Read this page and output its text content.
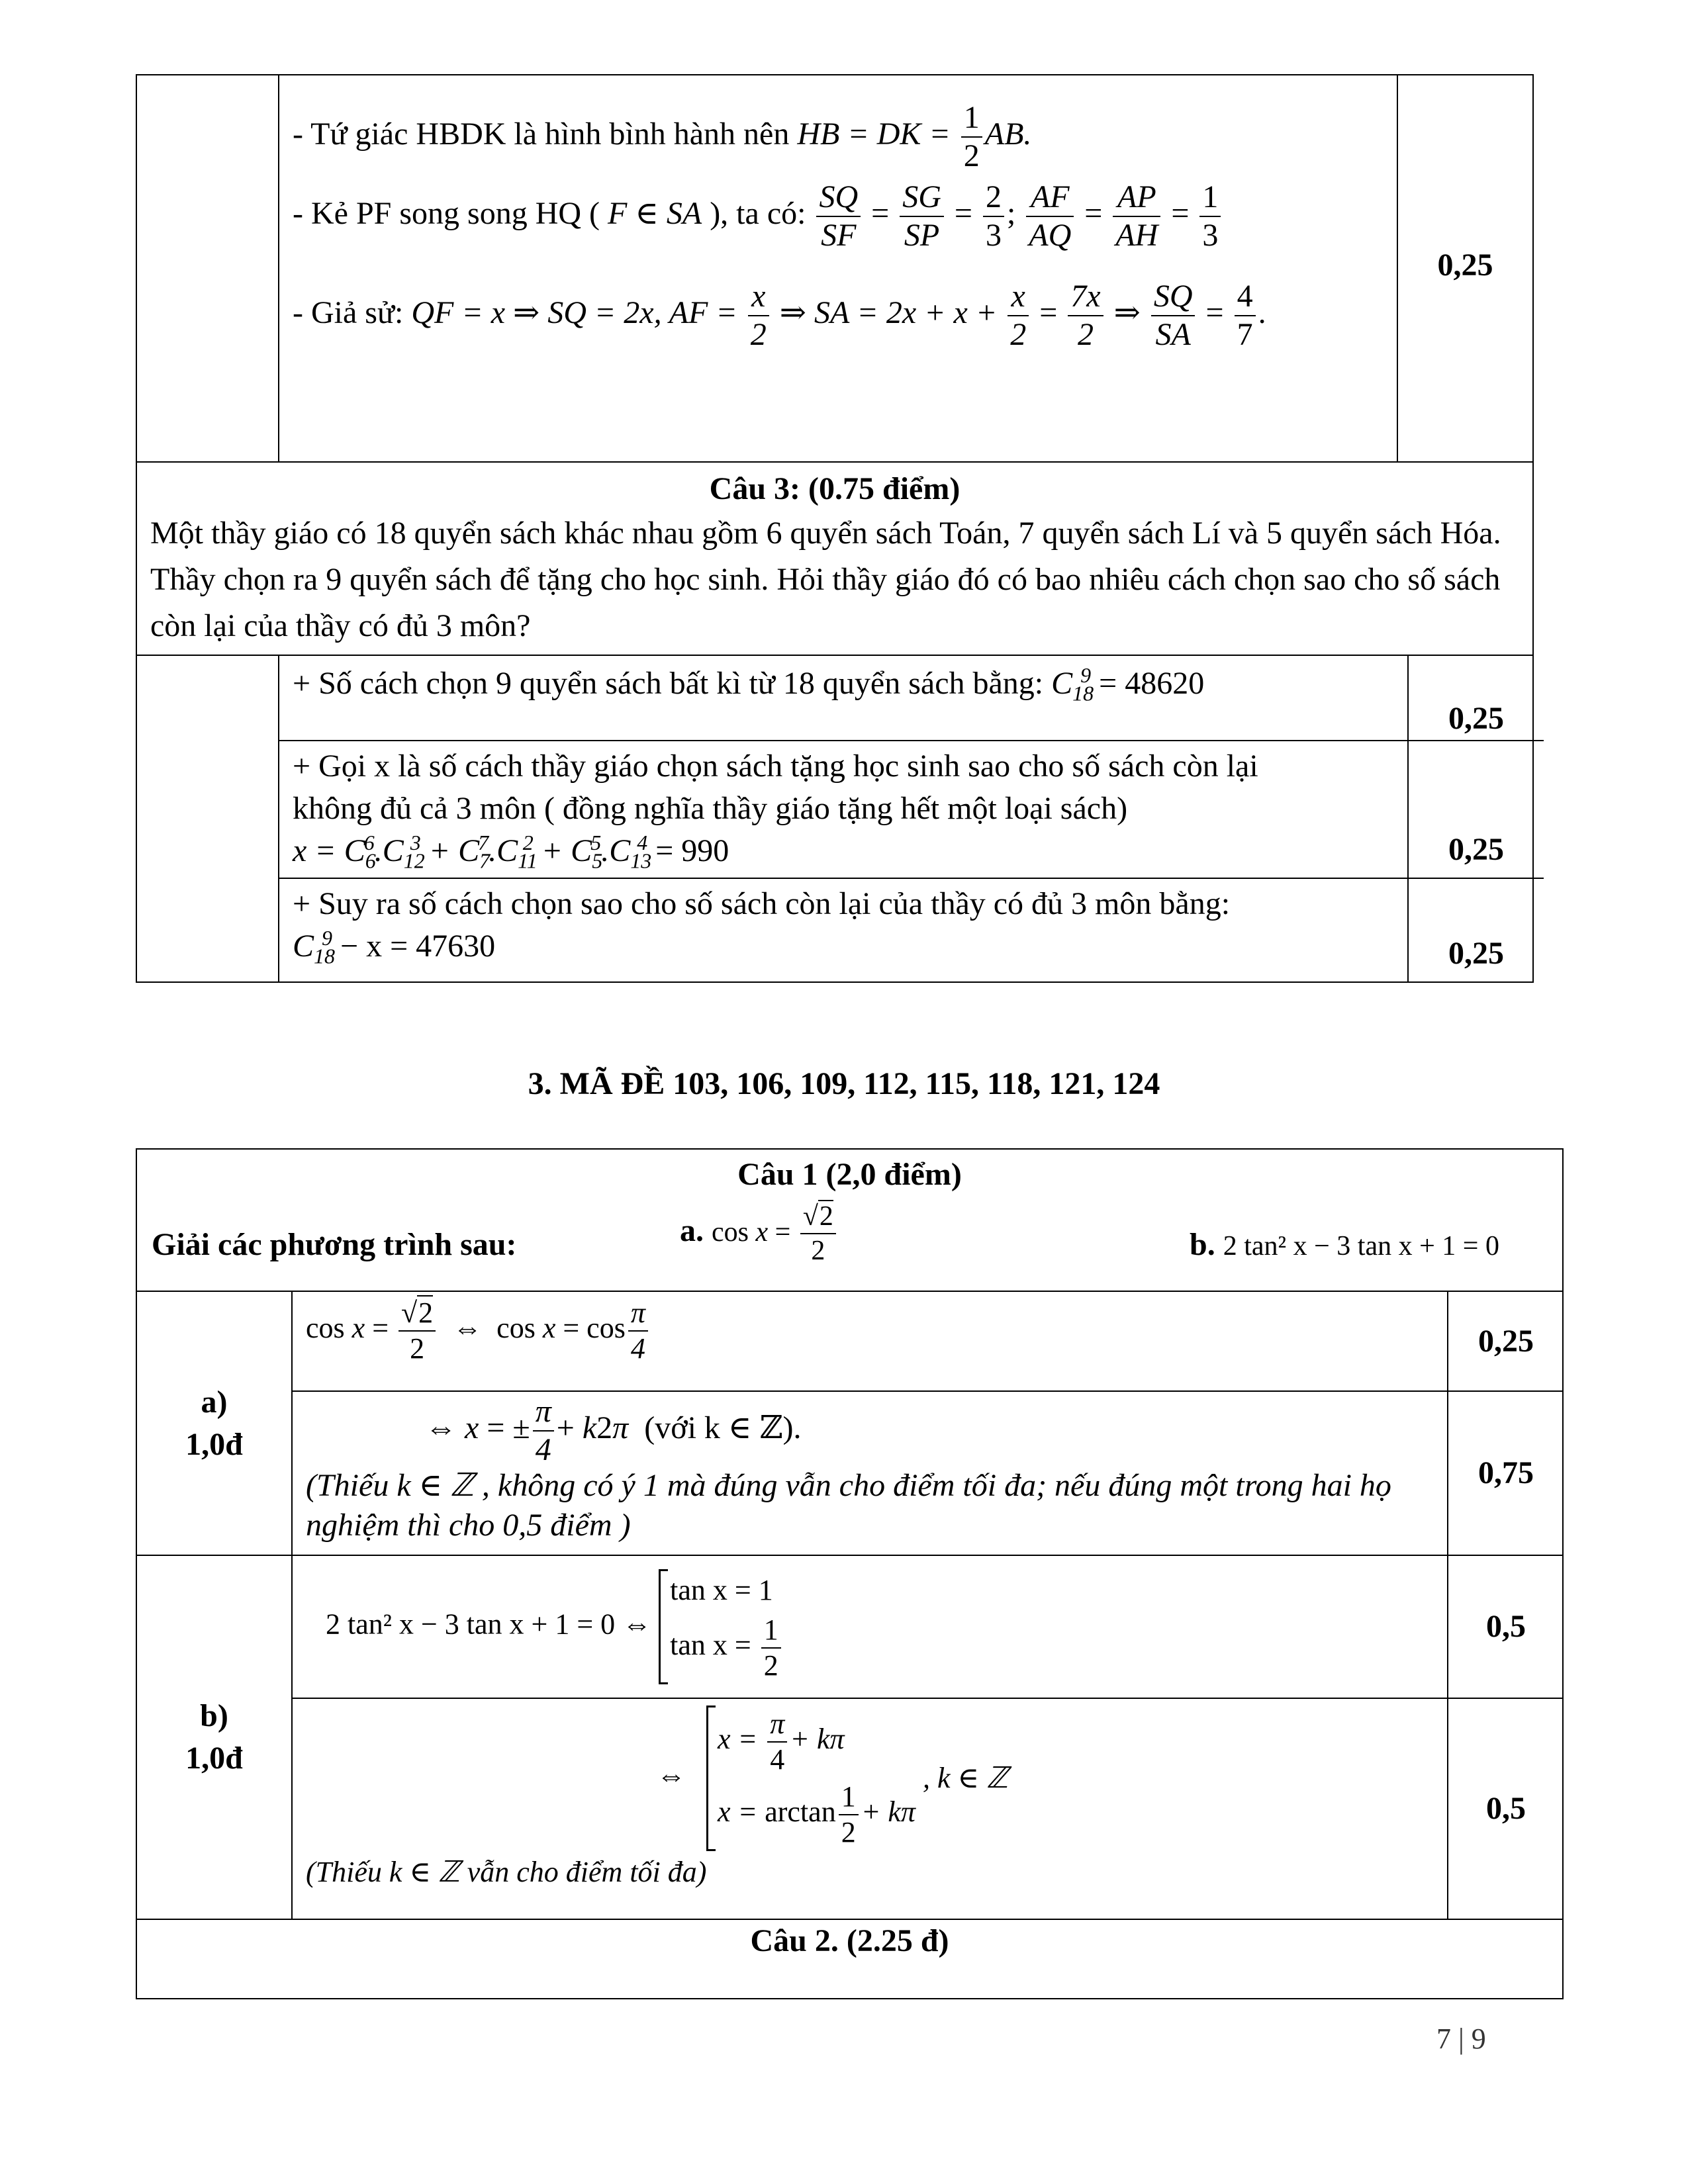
- Tứ giác HBDK là hình bình hành nên HB = DK = $\frac{1}{2}$ AB.
- Kẻ PF song song HQ ( F ∈ SA ), ta có: $\frac{SQ}{SF} = \frac{SG}{SP} = \frac{2}{3}$ ; $\frac{AF}{AQ} = \frac{AP}{AH} = \frac{1}{3}$
- Giả sử: QF = x ⇒ SQ = 2x, AF = $\frac{x}{2}$ ⇒ SA = $2x + x + \frac{x}{2} = \frac{7x}{2}$ ⇒ $\frac{SQ}{SA} = \frac{4}{7}$ .
	0,25

Câu 3: (0.75 điểm)
Một thầy giáo có 18 quyển sách khác nhau gồm 6 quyển sách Toán, 7 quyển sách Lí và 5 quyển sách Hóa. Thầy chọn ra 9 quyển sách để tặng cho học sinh. Hỏi thầy giáo đó có bao nhiêu cách chọn sao cho số sách còn lại của thầy có đủ 3 môn?

+ Số cách chọn 9 quyển sách bất kì từ 18 quyển sách bằng: $C_{18}^9 = 48620$	0,25

+ Gọi x là số cách thầy giáo chọn sách tặng học sinh sao cho số sách còn lại
không đủ cả 3 môn ( đồng nghĩa thầy giáo tặng hết một loại sách)
$x = C_6^6.C_{12}^3 + C_7^7.C_{11}^2 + C_5^5.C_{13}^4 = 990$	0,25

+ Suy ra số cách chọn sao cho số sách còn lại của thầy có đủ 3 môn bằng:
$C_{18}^9 - x = 47630$	0,25
3. MÃ ĐỀ 103, 106, 109, 112, 115, 118, 121, 124
Câu 1 (2,0 điểm)
Giải các phương trình sau:	a. $\cos x = \frac{√2}{2}$	b. 2 tan² x − 3 tan x + 1 = 0

a)
1,0đ

$\cos x = \frac{√2}{2}$ ⇔  $\cos x = \cos \frac{\pi}{4}$	0,25

⇔ x = ± $\frac{\pi}{4} + k2\pi$ (với k ∈ ℤ).
(Thiếu k ∈ ℤ , không có ý 1 mà đúng vẫn cho điểm tối đa; nếu đúng một trong hai họ nghiệm thì cho 0,5 điểm )
	0,75

b)
1,0đ

2 tan² x − 3 tan x + 1 = 0 ⇔
tan x = 1
$\tan x = \frac{1}{2}$	0,5

⇔
$x = \frac{\pi}{4} + k\pi$
$x = \arctan \frac{1}{2} + k\pi$
, k ∈ ℤ
(Thiếu k ∈ ℤ vẫn cho điểm tối đa)
	0,5

Câu 2. (2.25 đ)
7 | 9
